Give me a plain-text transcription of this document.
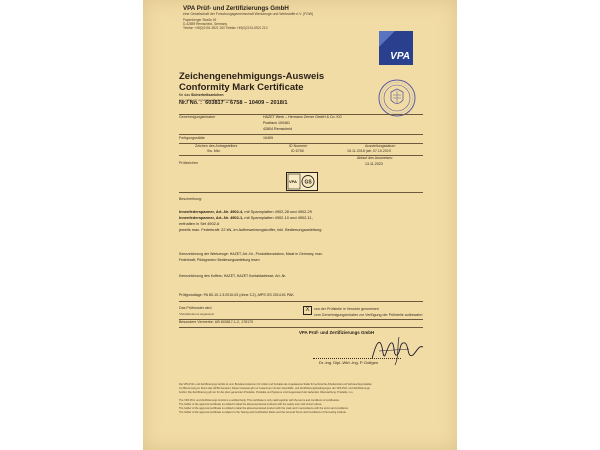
VPA Prüf- und Zertifizierungs GmbH
eine Gesellschaft der Forschungsgemeinschaft Werkzeuge und Werkstoffe e.V. (FGW)
Papenberger Straße 49
D-42859 Remscheid, Germany
Telefon +49(0)2191-5921 200 Telefax +49(0)2191-5921 210
VPA
Zeichengenehmigungs-Ausweis
Conformity Mark Certificate
für das Sicherheitszeichen
(nur gültig mit umseitigen Bedingungen)
Nr./ No. : 603817 – 6758 – 10409 – 2018/1
Genehmigungsinhaber	HAZET Werk – Hermann Zerver GmbH & Co. KG
Postfach 100461
42804 Remscheid
Fertigungsstätte	10409
Zeichen des Antragstellers
Sw. Mkt.
ID Nummer
ID 6758
Ausstellungsdatum
15.11.2018 (ab: 07.10.2019
Prüfzeichen
Ablauf des Ausweises:
13.11.2023
GS
VPA
Beschreibung:
Innenfederspanner, Art.-Nr. 4902-4, mit Spannplatten 4902-28 und 4902-29
Innenfederspanner, Art.-Nr. 4902-1, mit Spannplatten 4902-10 und 4902-11,
enthalten in Set 4902-6
jeweils max. Federkraft: 22 kN, im Aufbewahrungskoffer, inkl. Bedienungsanleitung
Kennzeichnung der Werkzeuge: HAZET, Art.-Nr., Produktionsdatum, Made in Germany, max.
Federkraft, Piktogramm: Bedienungsanleitung lesen
Kennzeichnung des Koffers: HAZET, HAZET Kontaktadresse, Art.-Nr.
Prüfgrundlage: PA 80-10.1.3:2010-03 (ohne 3.2), AfPS GS 2014:01 PAK
Das Prüfmuster wird
*Zutreffendes ist angekreuzt
X	von der Prüfstelle in Verwahr genommen
vom Genehmigungsinhaber zur Verfügung der Prüfstelle aufbewahrt
Besondere Vermerke: UB 603817-1-2, 178170
VPA Prüf- und Zertifizierungs GmbH
Dr.-Ing. Dipl.-Wirt.-Ing. P. Dolfgen
Die VPA Prüf- und Zertifizierungs GmbH ist vom Bundesministerium für Arbeit und Soziales als zugelassene Stelle für technische Arbeitsmittel und Verbraucherprodukte
zur Benennung im Sinne des GPSG benannt. Dieser Ausweis gilt nur zusammen mit den Geschäfts- und Zertifizierungsbedingungen der VPA Prüf- und Zertifizierungs
GmbH. Die Zertifizierung gilt nur für die oben genannten Produkte. Produkte und Systeme sind Gegenstand der laufenden Überwachung. Produkte: s.o.
The VPA Prüf- und Zertifizierungs GmbH is a notified body. This certificate is only valid together with the terms and conditions of certification.
The holder of the approval certificate is entitled to label the abovementioned products with the safety test mark shown above.
The holder of the approval certificate is entitled to label the abovementioned product with the mark and in accordance with the terms and conditions.
The holder of the approval certificate is subject to the Testing and Certification Rules and the General Terms and Conditions of the testing institute.
